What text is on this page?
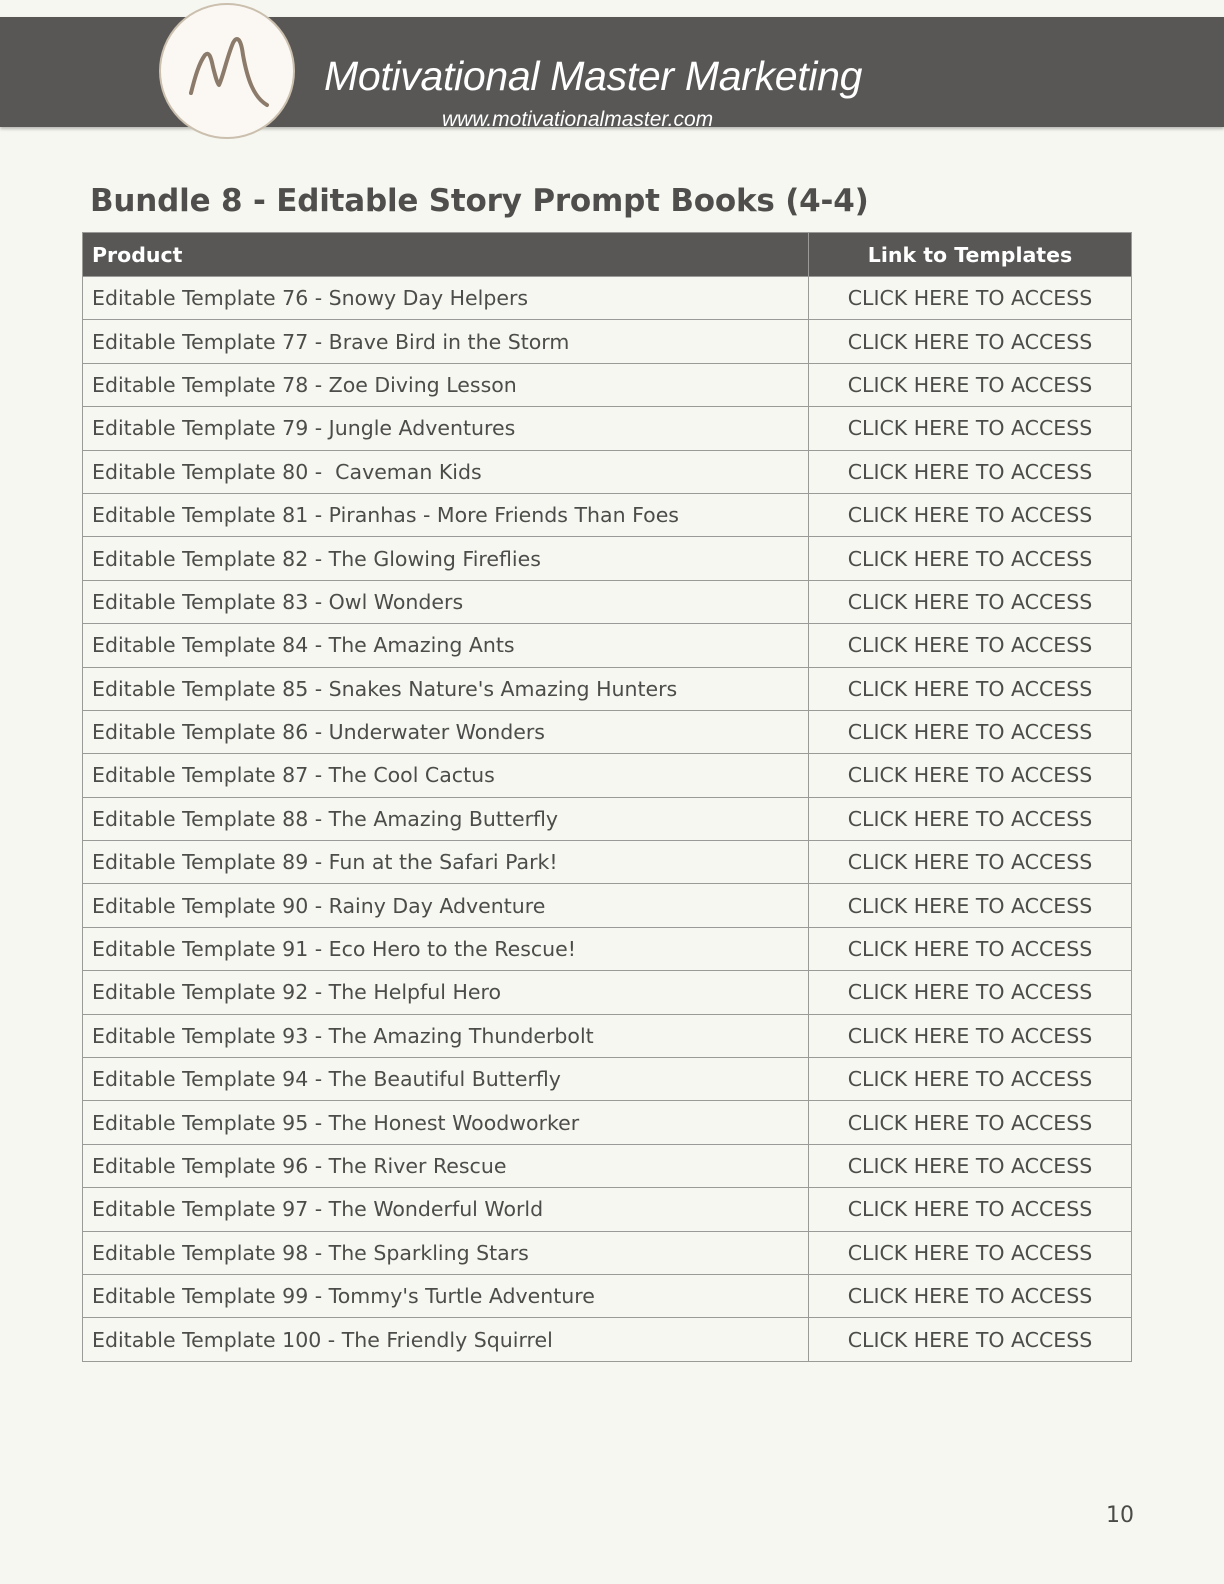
Motivational Master Marketing
www.motivationalmaster.com
Bundle 8 - Editable Story Prompt Books (4-4)
Product	Link to Templates
Editable Template 76 - Snowy Day Helpers	CLICK HERE TO ACCESS
Editable Template 77 - Brave Bird in the Storm	CLICK HERE TO ACCESS
Editable Template 78 - Zoe Diving Lesson	CLICK HERE TO ACCESS
Editable Template 79 - Jungle Adventures	CLICK HERE TO ACCESS
Editable Template 80 -  Caveman Kids	CLICK HERE TO ACCESS
Editable Template 81 - Piranhas - More Friends Than Foes	CLICK HERE TO ACCESS
Editable Template 82 - The Glowing Fireflies	CLICK HERE TO ACCESS
Editable Template 83 - Owl Wonders	CLICK HERE TO ACCESS
Editable Template 84 - The Amazing Ants	CLICK HERE TO ACCESS
Editable Template 85 - Snakes Nature's Amazing Hunters	CLICK HERE TO ACCESS
Editable Template 86 - Underwater Wonders	CLICK HERE TO ACCESS
Editable Template 87 - The Cool Cactus	CLICK HERE TO ACCESS
Editable Template 88 - The Amazing Butterfly	CLICK HERE TO ACCESS
Editable Template 89 - Fun at the Safari Park!	CLICK HERE TO ACCESS
Editable Template 90 - Rainy Day Adventure	CLICK HERE TO ACCESS
Editable Template 91 - Eco Hero to the Rescue!	CLICK HERE TO ACCESS
Editable Template 92 - The Helpful Hero	CLICK HERE TO ACCESS
Editable Template 93 - The Amazing Thunderbolt	CLICK HERE TO ACCESS
Editable Template 94 - The Beautiful Butterfly	CLICK HERE TO ACCESS
Editable Template 95 - The Honest Woodworker	CLICK HERE TO ACCESS
Editable Template 96 - The River Rescue	CLICK HERE TO ACCESS
Editable Template 97 - The Wonderful World	CLICK HERE TO ACCESS
Editable Template 98 - The Sparkling Stars	CLICK HERE TO ACCESS
Editable Template 99 - Tommy's Turtle Adventure	CLICK HERE TO ACCESS
Editable Template 100 - The Friendly Squirrel	CLICK HERE TO ACCESS
10
